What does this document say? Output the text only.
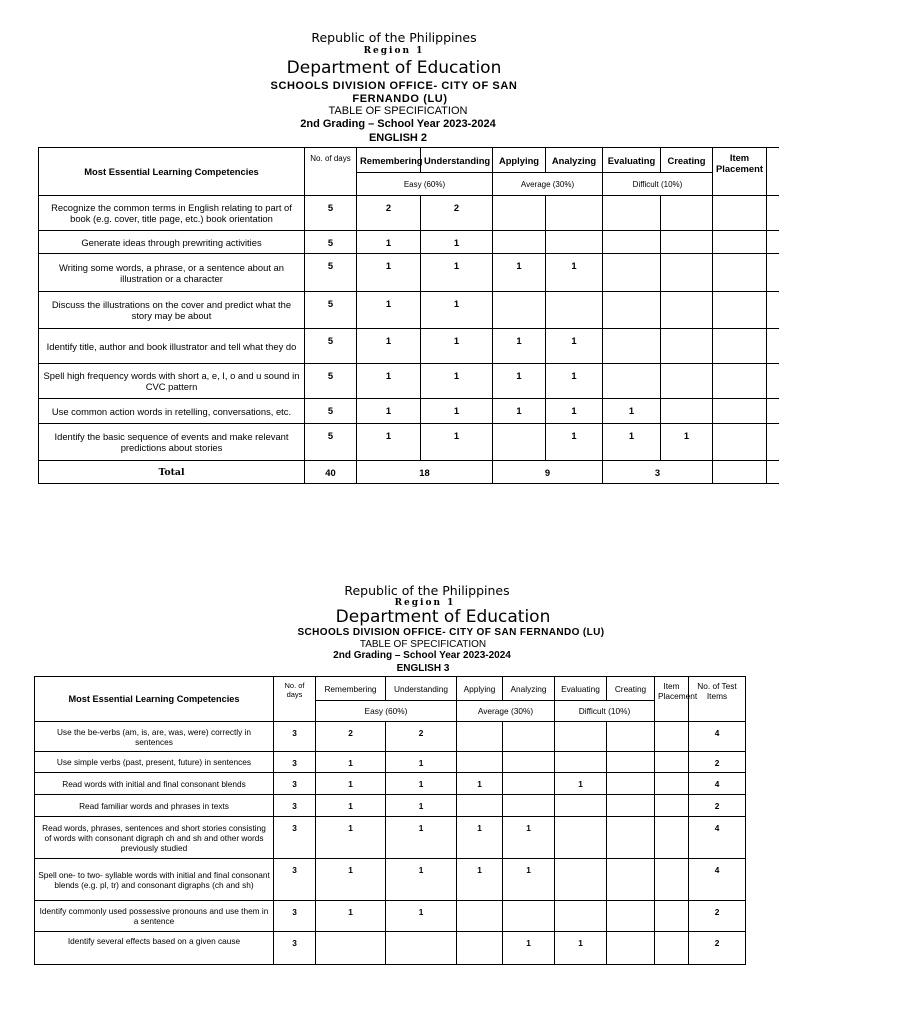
Republic of the Philippines
Region 1
Department of Education
SCHOOLS DIVISION OFFICE- CITY OF SAN
FERNANDO (LU)
TABLE OF SPECIFICATION
2nd Grading – School Year 2023-2024
ENGLISH 2
Most Essential Learning Competencies	No. of days	Remembering	Understanding	Applying	Analyzing	Evaluating	Creating	Item Placement	
		Easy (60%)		Average (30%)		Difficult (10%)			
Recognize the common terms in English relating to part of book (e.g. cover, title page, etc.) book orientation	5	2	2						
Generate ideas through prewriting activities	5	1	1						
Writing some words, a phrase, or a sentence about an illustration or a character	5	1	1	1	1				
Discuss the illustrations on the cover and predict what the story may be about	5	1	1						
Identify title, author and book illustrator and tell what they do	5	1	1	1	1				
Spell high frequency words with short a, e, I, o and u sound in CVC pattern	5	1	1	1	1				
Use common action words in retelling, conversations, etc.	5	1	1	1	1	1			
Identify the basic sequence of events and make relevant predictions about stories	5	1	1		1	1	1		
Total	40	18		9		3			
Republic of the Philippines
Region 1
Department of Education
SCHOOLS DIVISION OFFICE- CITY OF SAN FERNANDO (LU)
TABLE OF SPECIFICATION
2nd Grading – School Year 2023-2024
ENGLISH 3
Most Essential Learning Competencies	No. of days	Remembering	Understanding	Applying	Analyzing	Evaluating	Creating	Item Placement	No. of Test Items
		Easy (60%)		Average (30%)		Difficult (10%)			
Use the be-verbs (am, is, are, was, were) correctly in sentences	3	2	2						4
Use simple verbs (past, present, future) in sentences	3	1	1						2
Read words with initial and final consonant blends	3	1	1	1		1			4
Read familiar words and phrases in texts	3	1	1						2
Read words, phrases, sentences and short stories consisting of words with consonant digraph ch and sh and other words previously studied	3	1	1	1	1				4
Spell one- to two- syllable words with initial and final consonant blends (e.g. pl, tr) and consonant digraphs (ch and sh)	3	1	1	1	1				4
Identify commonly used possessive pronouns and use them in a sentence	3	1	1						2
Identify several effects based on a given cause	3				1	1			2
